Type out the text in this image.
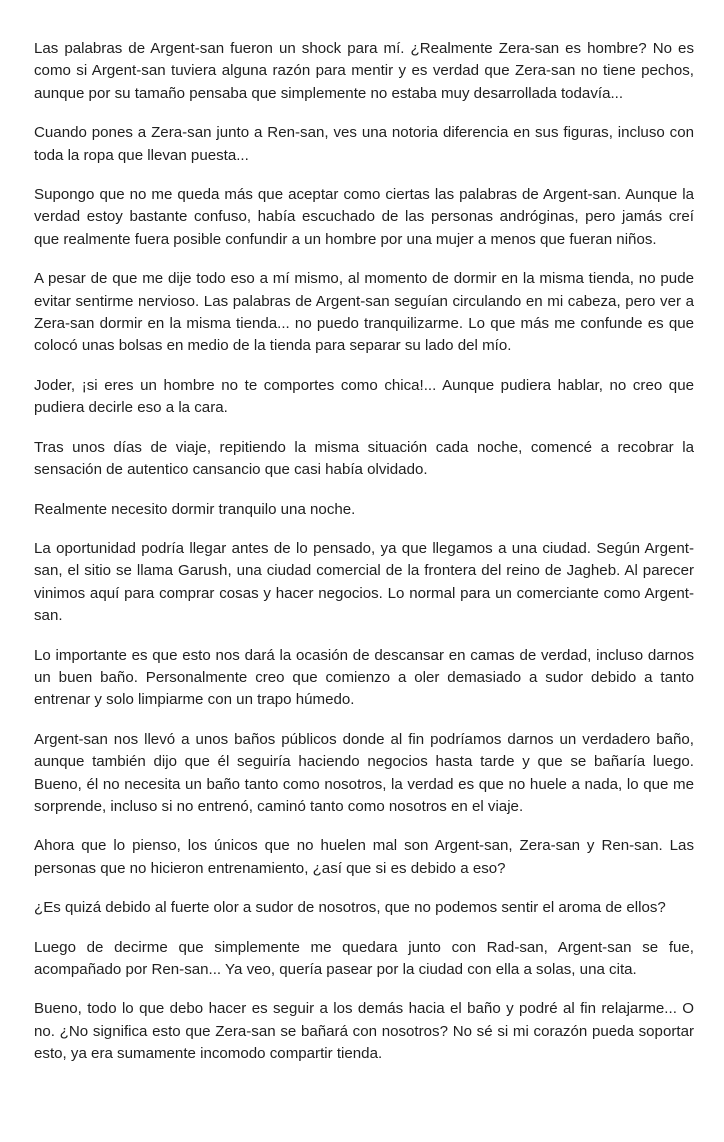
Las palabras de Argent-san fueron un shock para mí. ¿Realmente Zera-san es hombre? No es como si Argent-san tuviera alguna razón para mentir y es verdad que Zera-san no tiene pechos, aunque por su tamaño pensaba que simplemente no estaba muy desarrollada todavía...

Cuando pones a Zera-san junto a Ren-san, ves una notoria diferencia en sus figuras, incluso con toda la ropa que llevan puesta...

Supongo que no me queda más que aceptar como ciertas las palabras de Argent-san. Aunque la verdad estoy bastante confuso, había escuchado de las personas andróginas, pero jamás creí que realmente fuera posible confundir a un hombre por una mujer a menos que fueran niños.

A pesar de que me dije todo eso a mí mismo, al momento de dormir en la misma tienda, no pude evitar sentirme nervioso. Las palabras de Argent-san seguían circulando en mi cabeza, pero ver a Zera-san dormir en la misma tienda... no puedo tranquilizarme. Lo que más me confunde es que colocó unas bolsas en medio de la tienda para separar su lado del mío.

Joder, ¡si eres un hombre no te comportes como chica!... Aunque pudiera hablar, no creo que pudiera decirle eso a la cara.

Tras unos días de viaje, repitiendo la misma situación cada noche, comencé a recobrar la sensación de autentico cansancio que casi había olvidado.

Realmente necesito dormir tranquilo una noche.

La oportunidad podría llegar antes de lo pensado, ya que llegamos a una ciudad. Según Argent-san, el sitio se llama Garush, una ciudad comercial de la frontera del reino de Jagheb. Al parecer vinimos aquí para comprar cosas y hacer negocios. Lo normal para un comerciante como Argent-san.

Lo importante es que esto nos dará la ocasión de descansar en camas de verdad, incluso darnos un buen baño. Personalmente creo que comienzo a oler demasiado a sudor debido a tanto entrenar y solo limpiarme con un trapo húmedo.

Argent-san nos llevó a unos baños públicos donde al fin podríamos darnos un verdadero baño, aunque también dijo que él seguiría haciendo negocios hasta tarde y que se bañaría luego. Bueno, él no necesita un baño tanto como nosotros, la verdad es que no huele a nada, lo que me sorprende, incluso si no entrenó, caminó tanto como nosotros en el viaje.

Ahora que lo pienso, los únicos que no huelen mal son Argent-san, Zera-san y Ren-san. Las personas que no hicieron entrenamiento, ¿así que si es debido a eso?

¿Es quizá debido al fuerte olor a sudor de nosotros, que no podemos sentir el aroma de ellos?

Luego de decirme que simplemente me quedara junto con Rad-san, Argent-san se fue, acompañado por Ren-san... Ya veo, quería pasear por la ciudad con ella a solas, una cita.

Bueno, todo lo que debo hacer es seguir a los demás hacia el baño y podré al fin relajarme... O no. ¿No significa esto que Zera-san se bañará con nosotros? No sé si mi corazón pueda soportar esto, ya era sumamente incomodo compartir tienda.
